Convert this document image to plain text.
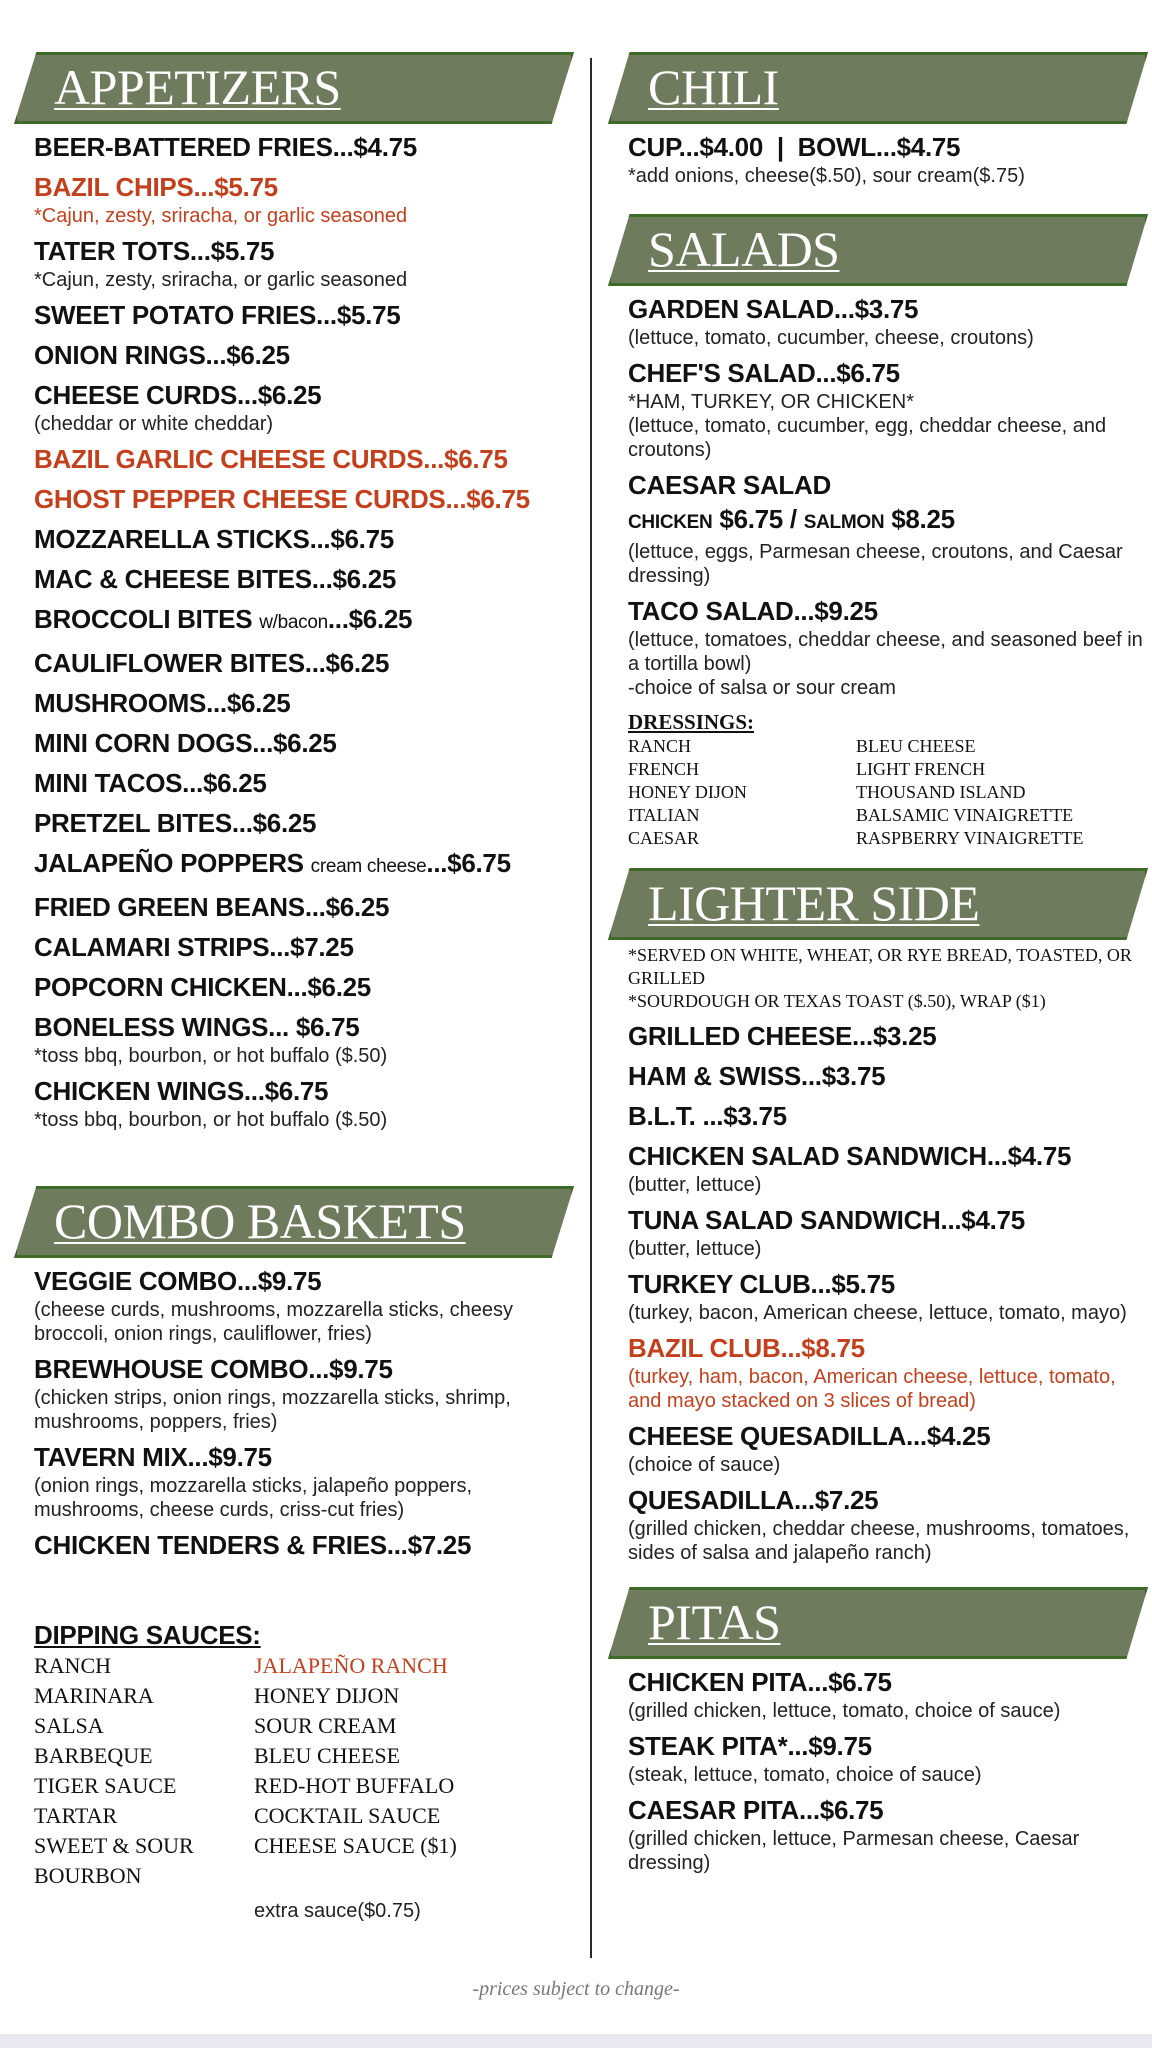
APPETIZERS
BEER-BATTERED FRIES...$4.75
BAZIL CHIPS...$5.75
*Cajun, zesty, sriracha, or garlic seasoned
TATER TOTS...$5.75
*Cajun, zesty, sriracha, or garlic seasoned
SWEET POTATO FRIES...$5.75
ONION RINGS...$6.25
CHEESE CURDS...$6.25
(cheddar or white cheddar)
BAZIL GARLIC CHEESE CURDS...$6.75
GHOST PEPPER CHEESE CURDS...$6.75
MOZZARELLA STICKS...$6.75
MAC & CHEESE BITES...$6.25
BROCCOLI BITES w/bacon...$6.25
CAULIFLOWER BITES...$6.25
MUSHROOMS...$6.25
MINI CORN DOGS...$6.25
MINI TACOS...$6.25
PRETZEL BITES...$6.25
JALAPEÑO POPPERS cream cheese...$6.75
FRIED GREEN BEANS...$6.25
CALAMARI STRIPS...$7.25
POPCORN CHICKEN...$6.25
BONELESS WINGS... $6.75
*toss bbq, bourbon, or hot buffalo ($.50)
CHICKEN WINGS...$6.75
*toss bbq, bourbon, or hot buffalo ($.50)
COMBO BASKETS
VEGGIE COMBO...$9.75
(cheese curds, mushrooms, mozzarella sticks, cheesy broccoli, onion rings, cauliflower, fries)
BREWHOUSE COMBO...$9.75
(chicken strips, onion rings, mozzarella sticks, shrimp, mushrooms, poppers, fries)
TAVERN MIX...$9.75
(onion rings, mozzarella sticks, jalapeño poppers, mushrooms, cheese curds, criss-cut fries)
CHICKEN TENDERS & FRIES...$7.25
DIPPING SAUCES:
RANCH
MARINARA
SALSA
BARBEQUE
TIGER SAUCE
TARTAR
SWEET & SOUR
BOURBON
JALAPEÑO RANCH
HONEY DIJON
SOUR CREAM
BLEU CHEESE
RED-HOT BUFFALO
COCKTAIL SAUCE
CHEESE SAUCE ($1)
extra sauce($0.75)
CHILI
CUP...$4.00  |  BOWL...$4.75
*add onions, cheese($.50), sour cream($.75)
SALADS
GARDEN SALAD...$3.75
(lettuce, tomato, cucumber, cheese, croutons)
CHEF'S SALAD...$6.75
*HAM, TURKEY, OR CHICKEN*
(lettuce, tomato, cucumber, egg, cheddar cheese, and croutons)
CAESAR SALAD
CHICKEN $6.75 / SALMON $8.25
(lettuce, eggs, Parmesan cheese, croutons, and Caesar dressing)
TACO SALAD...$9.25
(lettuce, tomatoes, cheddar cheese, and seasoned beef in a tortilla bowl)
-choice of salsa or sour cream
DRESSINGS:
RANCH
FRENCH
HONEY DIJON
ITALIAN
CAESAR
BLEU CHEESE
LIGHT FRENCH
THOUSAND ISLAND
BALSAMIC VINAIGRETTE
RASPBERRY VINAIGRETTE
LIGHTER SIDE
*SERVED ON WHITE, WHEAT, OR RYE BREAD, TOASTED, OR GRILLED
*SOURDOUGH OR TEXAS TOAST ($.50), WRAP ($1)
GRILLED CHEESE...$3.25
HAM & SWISS...$3.75
B.L.T. ...$3.75
CHICKEN SALAD SANDWICH...$4.75
(butter, lettuce)
TUNA SALAD SANDWICH...$4.75
(butter, lettuce)
TURKEY CLUB...$5.75
(turkey, bacon, American cheese, lettuce, tomato, mayo)
BAZIL CLUB...$8.75
(turkey, ham, bacon, American cheese, lettuce, tomato, and mayo stacked on 3 slices of bread)
CHEESE QUESADILLA...$4.25
(choice of sauce)
QUESADILLA...$7.25
(grilled chicken, cheddar cheese, mushrooms, tomatoes, sides of salsa and jalapeño ranch)
PITAS
CHICKEN PITA...$6.75
(grilled chicken, lettuce, tomato, choice of sauce)
STEAK PITA*...$9.75
(steak, lettuce, tomato, choice of sauce)
CAESAR PITA...$6.75
(grilled chicken, lettuce, Parmesan cheese, Caesar dressing)
-prices subject to change-
